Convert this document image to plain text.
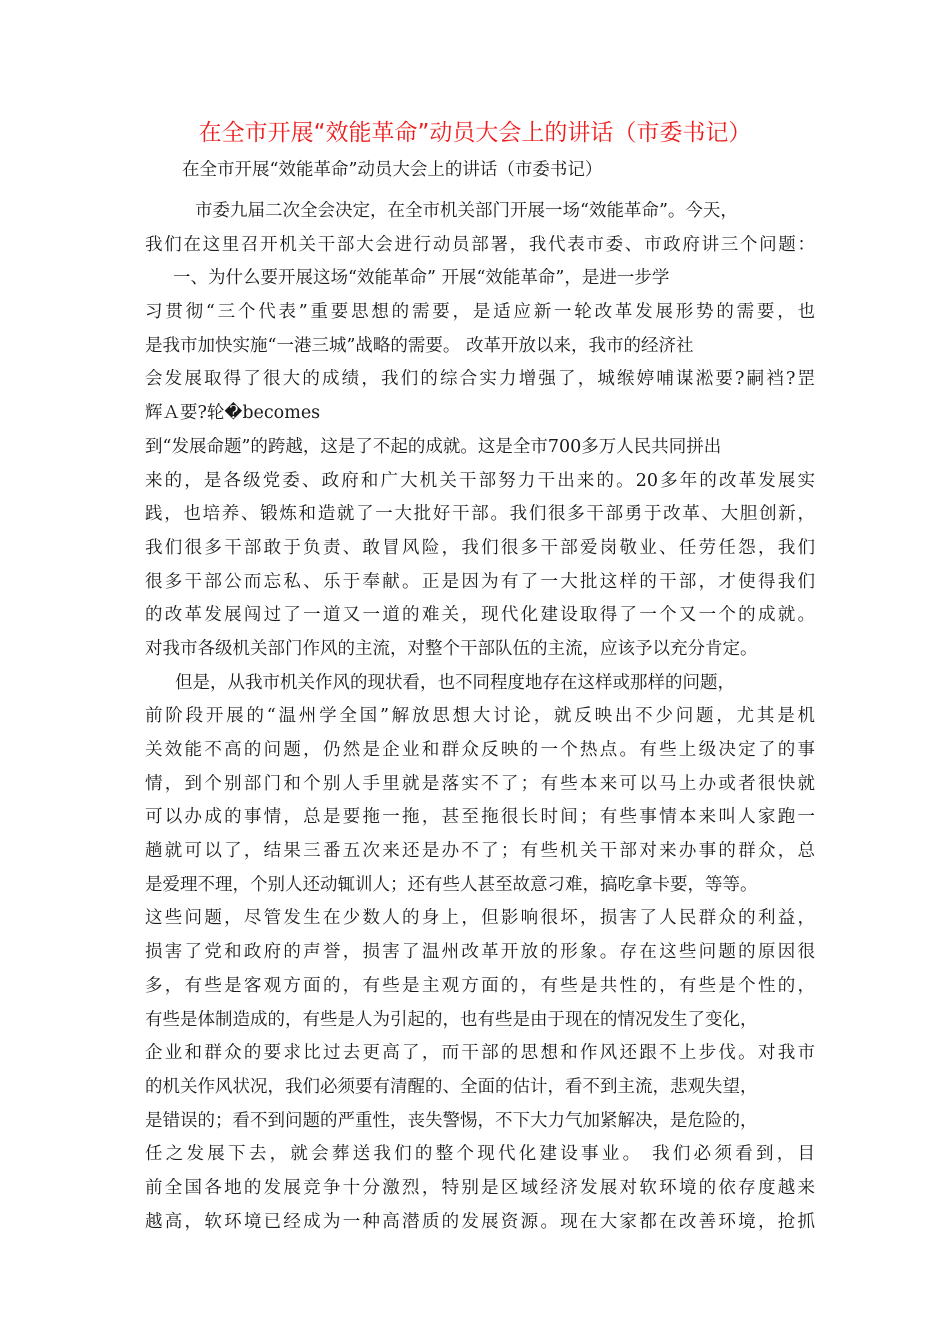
在全市开展“效能革命”动员大会上的讲话（市委书记）
在全市开展“效能革命”动员大会上的讲话（市委书记）
市委九届二次全会决定，在全市机关部门开展一场“效能革命”。今天，
我们在这里召开机关干部大会进行动员部署，我代表市委、市政府讲三个问题：
一、为什么要开展这场“效能革命” 开展“效能革命”，是进一步学
习贯彻“三个代表”重要思想的需要，是适应新一轮改革发展形势的需要，也
是我市加快实施“一港三城”战略的需要。 改革开放以来，我市的经济社
会发展取得了很大的成绩，我们的综合实力增强了，城缑婷哺谋淞要?嗣裆?罡
辉Ａ要?轮�becomes
到“发展命题”的跨越，这是了不起的成就。这是全市700多万人民共同拼出
来的，是各级党委、政府和广大机关干部努力干出来的。20多年的改革发展实
践，也培养、锻炼和造就了一大批好干部。我们很多干部勇于改革、大胆创新，
我们很多干部敢于负责、敢冒风险，我们很多干部爱岗敬业、任劳任怨，我们
很多干部公而忘私、乐于奉献。正是因为有了一大批这样的干部，才使得我们
的改革发展闯过了一道又一道的难关，现代化建设取得了一个又一个的成就。
对我市各级机关部门作风的主流，对整个干部队伍的主流，应该予以充分肯定。
但是，从我市机关作风的现状看，也不同程度地存在这样或那样的问题，
前阶段开展的“温州学全国”解放思想大讨论，就反映出不少问题，尤其是机
关效能不高的问题，仍然是企业和群众反映的一个热点。有些上级决定了的事
情，到个别部门和个别人手里就是落实不了；有些本来可以马上办或者很快就
可以办成的事情，总是要拖一拖，甚至拖很长时间；有些事情本来叫人家跑一
趟就可以了，结果三番五次来还是办不了；有些机关干部对来办事的群众，总
是爱理不理，个别人还动辄训人；还有些人甚至故意刁难，搞吃拿卡要，等等。
这些问题，尽管发生在少数人的身上，但影响很坏，损害了人民群众的利益，
损害了党和政府的声誉，损害了温州改革开放的形象。存在这些问题的原因很
多，有些是客观方面的，有些是主观方面的，有些是共性的，有些是个性的，
有些是体制造成的，有些是人为引起的，也有些是由于现在的情况发生了变化，
企业和群众的要求比过去更高了，而干部的思想和作风还跟不上步伐。对我市
的机关作风状况，我们必须要有清醒的、全面的估计，看不到主流，悲观失望，
是错误的；看不到问题的严重性，丧失警惕，不下大力气加紧解决，是危险的，
任之发展下去，就会葬送我们的整个现代化建设事业。 我们必须看到，目
前全国各地的发展竞争十分激烈，特别是区域经济发展对软环境的依存度越来
越高，软环境已经成为一种高潜质的发展资源。现在大家都在改善环境，抢抓
